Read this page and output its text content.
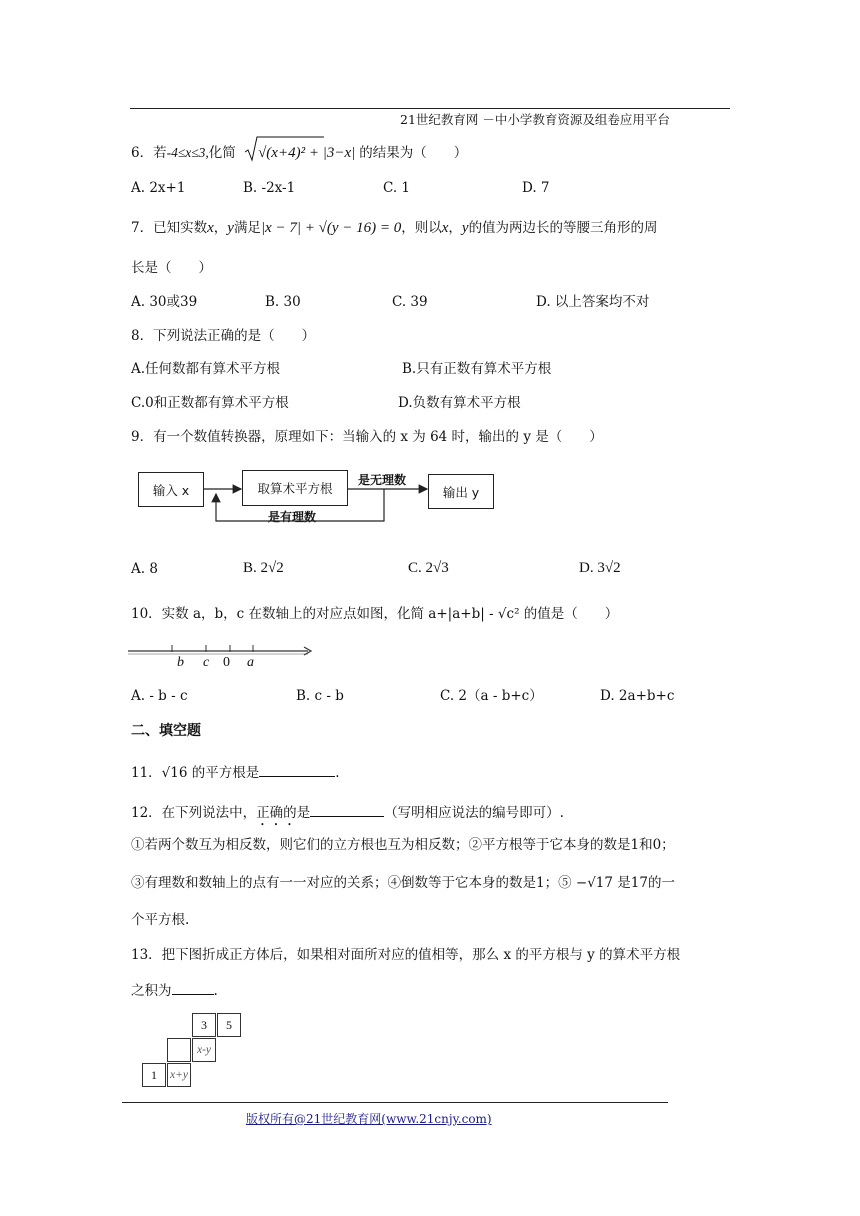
21世纪教育网 －中小学教育资源及组卷应用平台
6．若-4≤x≤3,化简 √(x+4)² + |3−x| 的结果为（　　）
A. 2x+1	B. -2x-1	C. 1	D. 7
7．已知实数x，y满足|x − 7| + √(y − 16) = 0，则以x，y的值为两边长的等腰三角形的周
长是（　　）
A. 30或39	B. 30	C. 39	D. 以上答案均不对
8．下列说法正确的是（　　）
A.任何数都有算术平方根	B.只有正数有算术平方根
C.0和正数都有算术平方根	D.负数有算术平方根
9．有一个数值转换器，原理如下：当输入的 x 为 64 时，输出的 y 是（　　）
输入 x	取算术平方根	输出 y
是无理数
是有理数
A. 8	B. 2√2	C. 2√3	D. 3√2
10．实数 a，b，c 在数轴上的对应点如图，化简 a+|a+b| - √c² 的值是（　　）
b c 0 a
A. - b - c	B. c - b	C. 2（a - b+c）	D. 2a+b+c
二、填空题
11．√16 的平方根是	.
12．在下列说法中，正确的是	（写明相应说法的编号即可）.
①若两个数互为相反数，则它们的立方根也互为相反数；②平方根等于它本身的数是1和0；
③有理数和数轴上的点有一一对应的关系；④倒数等于它本身的数是1；⑤ −√17 是17的一
个平方根.
13．把下图折成正方体后，如果相对面所对应的值相等，那么 x 的平方根与 y 的算术平方根
之积为	.
3	5
x-y
1	x+y
版权所有@21世纪教育网(www.21cnjy.com)
